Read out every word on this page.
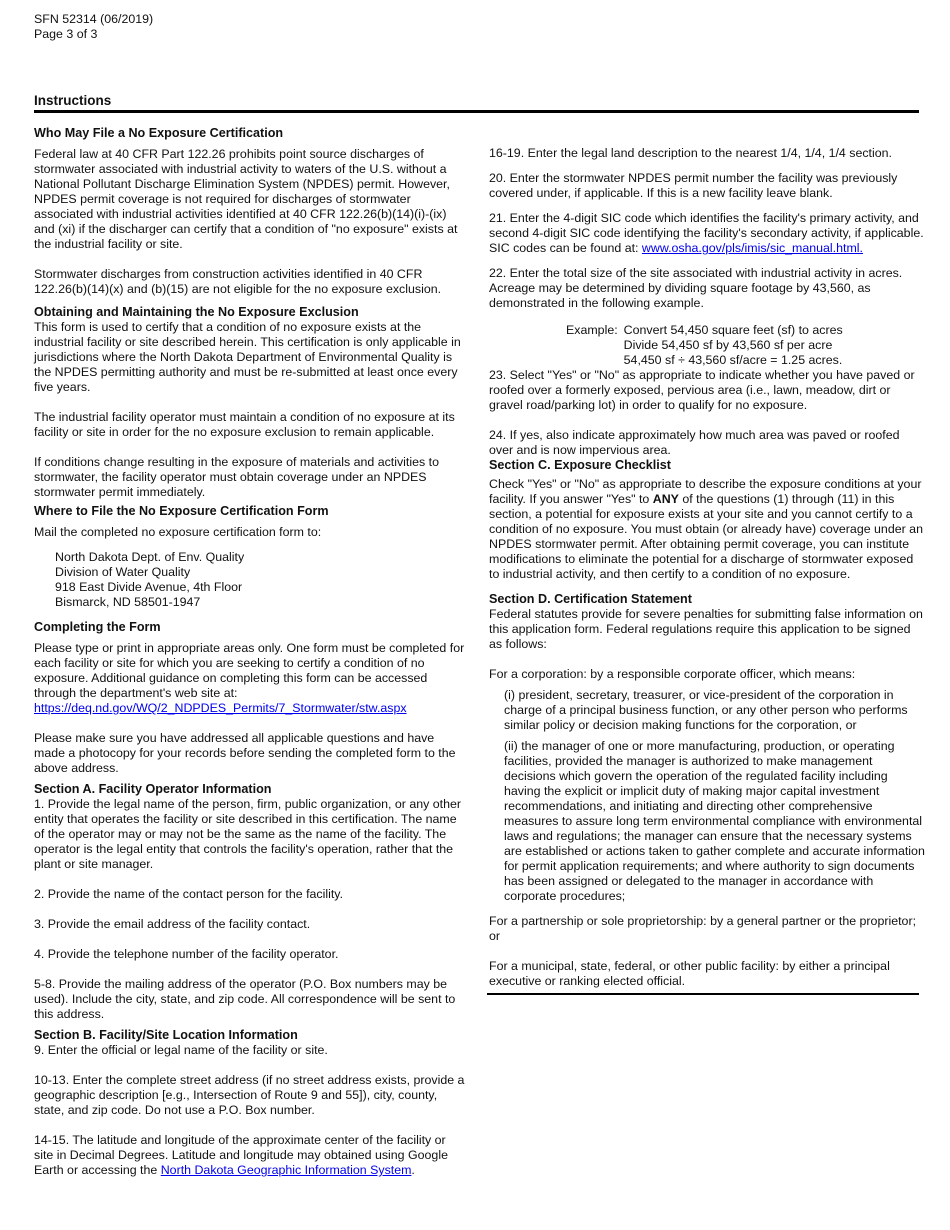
SFN 52314 (06/2019)
Page 3 of 3
Instructions
Who May File a No Exposure Certification

Federal law at 40 CFR Part 122.26 prohibits point source discharges of stormwater associated with industrial activity to waters of the U.S. without a National Pollutant Discharge Elimination System (NPDES) permit. However, NPDES permit coverage is not required for discharges of stormwater associated with industrial activities identified at 40 CFR 122.26(b)(14)(i)-(ix) and (xi) if the discharger can certify that a condition of "no exposure" exists at the industrial facility or site.

Stormwater discharges from construction activities identified in 40 CFR 122.26(b)(14)(x) and (b)(15) are not eligible for the no exposure exclusion.

Obtaining and Maintaining the No Exposure Exclusion

This form is used to certify that a condition of no exposure exists at the industrial facility or site described herein. This certification is only applicable in jurisdictions where the North Dakota Department of Environmental Quality is the NPDES permitting authority and must be re-submitted at least once every five years.

The industrial facility operator must maintain a condition of no exposure at its facility or site in order for the no exposure exclusion to remain applicable.

If conditions change resulting in the exposure of materials and activities to stormwater, the facility operator must obtain coverage under an NPDES stormwater permit immediately.

Where to File the No Exposure Certification Form

Mail the completed no exposure certification form to:

North Dakota Dept. of Env. Quality
Division of Water Quality
918 East Divide Avenue, 4th Floor
Bismarck, ND 58501-1947
Completing the Form

Please type or print in appropriate areas only. One form must be completed for each facility or site for which you are seeking to certify a condition of no exposure. Additional guidance on completing this form can be accessed through the department's web site at:
https://deq.nd.gov/WQ/2_NDPDES_Permits/7_Stormwater/stw.aspx

Please make sure you have addressed all applicable questions and have made a photocopy for your records before sending the completed form to the above address.

Section A. Facility Operator Information

1. Provide the legal name of the person, firm, public organization, or any other entity that operates the facility or site described in this certification. The name of the operator may or may not be the same as the name of the facility. The operator is the legal entity that controls the facility's operation, rather that the plant or site manager.

2. Provide the name of the contact person for the facility.

3. Provide the email address of the facility contact.

4. Provide the telephone number of the facility operator.

5-8. Provide the mailing address of the operator (P.O. Box numbers may be used). Include the city, state, and zip code. All correspondence will be sent to this address.

Section B. Facility/Site Location Information

9. Enter the official or legal name of the facility or site.

10-13. Enter the complete street address (if no street address exists, provide a geographic description [e.g., Intersection of Route 9 and 55]), city, county, state, and zip code. Do not use a P.O. Box number.

14-15. The latitude and longitude of the approximate center of the facility or site in Decimal Degrees. Latitude and longitude may obtained using Google Earth or accessing the North Dakota Geographic Information System.

16-19. Enter the legal land description to the nearest 1/4, 1/4, 1/4 section.

20. Enter the stormwater NPDES permit number the facility was previously covered under, if applicable. If this is a new facility leave blank.

21. Enter the 4-digit SIC code which identifies the facility's primary activity, and second 4-digit SIC code identifying the facility's secondary activity, if applicable. SIC codes can be found at: www.osha.gov/pls/imis/sic_manual.html.

22. Enter the total size of the site associated with industrial activity in acres. Acreage may be determined by dividing square footage by 43,560, as demonstrated in the following example.

Example: Convert 54,450 square feet (sf) to acres
Divide 54,450 sf by 43,560 sf per acre
54,450 sf ÷ 43,560 sf/acre = 1.25 acres.

23. Select "Yes" or "No" as appropriate to indicate whether you have paved or roofed over a formerly exposed, pervious area (i.e., lawn, meadow, dirt or gravel road/parking lot) in order to qualify for no exposure.

24. If yes, also indicate approximately how much area was paved or roofed over and is now impervious area.

Section C. Exposure Checklist

Check "Yes" or "No" as appropriate to describe the exposure conditions at your facility. If you answer "Yes" to ANY of the questions (1) through (11) in this section, a potential for exposure exists at your site and you cannot certify to a condition of no exposure. You must obtain (or already have) coverage under an NPDES stormwater permit. After obtaining permit coverage, you can institute modifications to eliminate the potential for a discharge of stormwater exposed to industrial activity, and then certify to a condition of no exposure.

Section D. Certification Statement

Federal statutes provide for severe penalties for submitting false information on this application form. Federal regulations require this application to be signed as follows:

For a corporation: by a responsible corporate officer, which means:

(i) president, secretary, treasurer, or vice-president of the corporation in charge of a principal business function, or any other person who performs similar policy or decision making functions for the corporation, or

(ii) the manager of one or more manufacturing, production, or operating facilities, provided the manager is authorized to make management decisions which govern the operation of the regulated facility including having the explicit or implicit duty of making major capital investment recommendations, and initiating and directing other comprehensive measures to assure long term environmental compliance with environmental laws and regulations; the manager can ensure that the necessary systems are established or actions taken to gather complete and accurate information for permit application requirements; and where authority to sign documents has been assigned or delegated to the manager in accordance with corporate procedures;

For a partnership or sole proprietorship: by a general partner or the proprietor; or

For a municipal, state, federal, or other public facility: by either a principal executive or ranking elected official.
